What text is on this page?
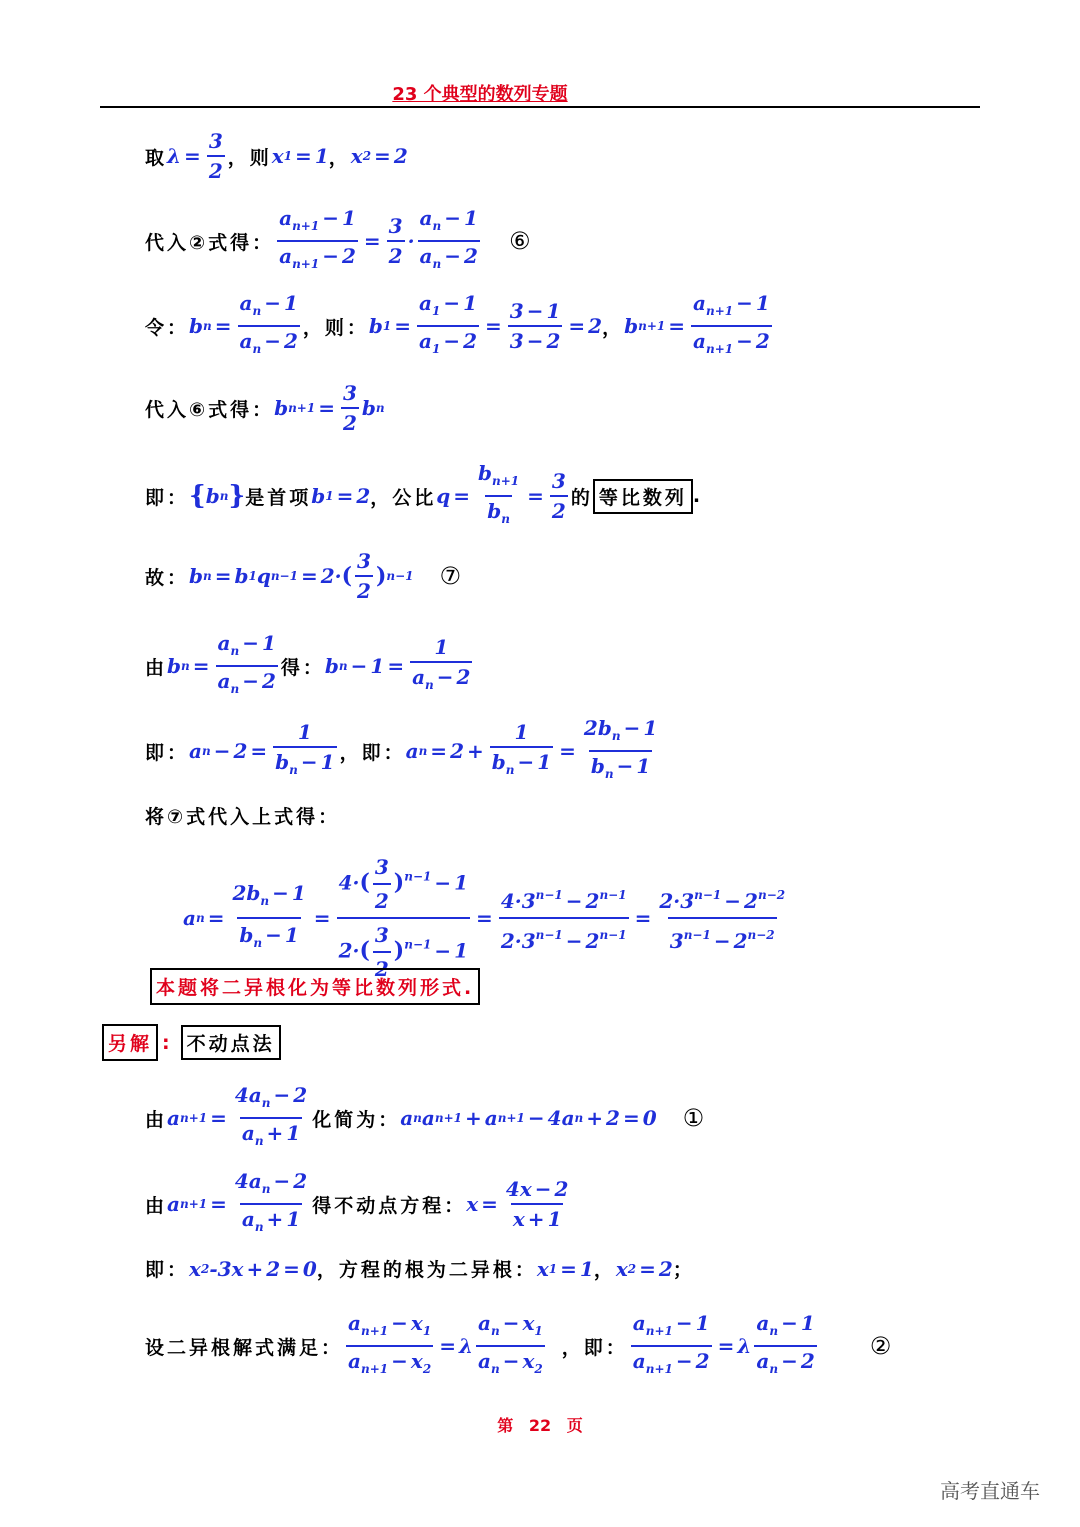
23 个典型的数列专题
取 $\lambda = \frac{3}{2}$ ，则 x 1 = 1 ， x 2 = 2
代入②式得： $\frac{a_{n+1} - 1}{a_{n+1} - 2} = \frac{3}{2} \cdot \frac{a_n - 1}{a_n - 2}$ ⑥
令： b $n = \frac{a_n - 1}{a_n - 2}$ ，则： b $1 = \frac{a_1 - 1}{a_1 - 2} = \frac{3 - 1}{3 - 2} = 2$ ， b $n+1 = \frac{a_{n+1} - 1}{a_{n+1} - 2}$
代入⑥式得： b $n+1 = \frac{3}{2}$ b n
即： { b n } 是首项 b 1 = 2 ，公比 $q = \frac{b_{n+1}}{b_n} = \frac{3}{2}$ 的 等比数列 .
故： b n = b 1 q n−1 = 2· ( $\frac{3}{2}$ ) n−1 ⑦
由 b $n = \frac{a_n - 1}{a_n - 2}$ 得： b $n - 1 = \frac{1}{a_n - 2}$
即： a $n - 2 = \frac{1}{b_n - 1}$ ，即： a $n = 2 + \frac{1}{b_n - 1} = \frac{2b_n - 1}{b_n - 1}$
将⑦式代入上式得：
a $n = \frac{2b_n - 1}{b_n - 1} = \frac{4\cdot( \frac{3}{2} )^{n-1} - 1}{2\cdot( \frac{3}{2} )^{n-1} - 1} = \frac{4\cdot 3^{n-1} - 2^{n-1}}{2\cdot 3^{n-1} - 2^{n-1}} = \frac{2\cdot 3^{n-1} - 2^{n-2}}{3^{n-1} - 2^{n-2}}$
本题将二异根化为等比数列形式.
另解 : 不动点法
由 a $n+1 = \frac{4a_n - 2}{a_n + 1}$ 化简为： a n a n+1 + a n+1 − 4a n + 2 = 0 ①
由 a $n+1 = \frac{4a_n - 2}{a_n + 1}$ 得不动点方程： $x = \frac{4x - 2}{x + 1}$
即： x 2 -3x + 2 = 0 ，方程的根为二异根： x 1 = 1 ， x 2 = 2 ；
设二异根解式满足： $\frac{a_{n+1} - x_1}{a_{n+1} - x_2} = \lambda \frac{a_n - x_1}{a_n - x_2}$ ，即： $\frac{a_{n+1} - 1}{a_{n+1} - 2} = \lambda \frac{a_n - 1}{a_n - 2}$ ②
第 22 页
高考直通车
